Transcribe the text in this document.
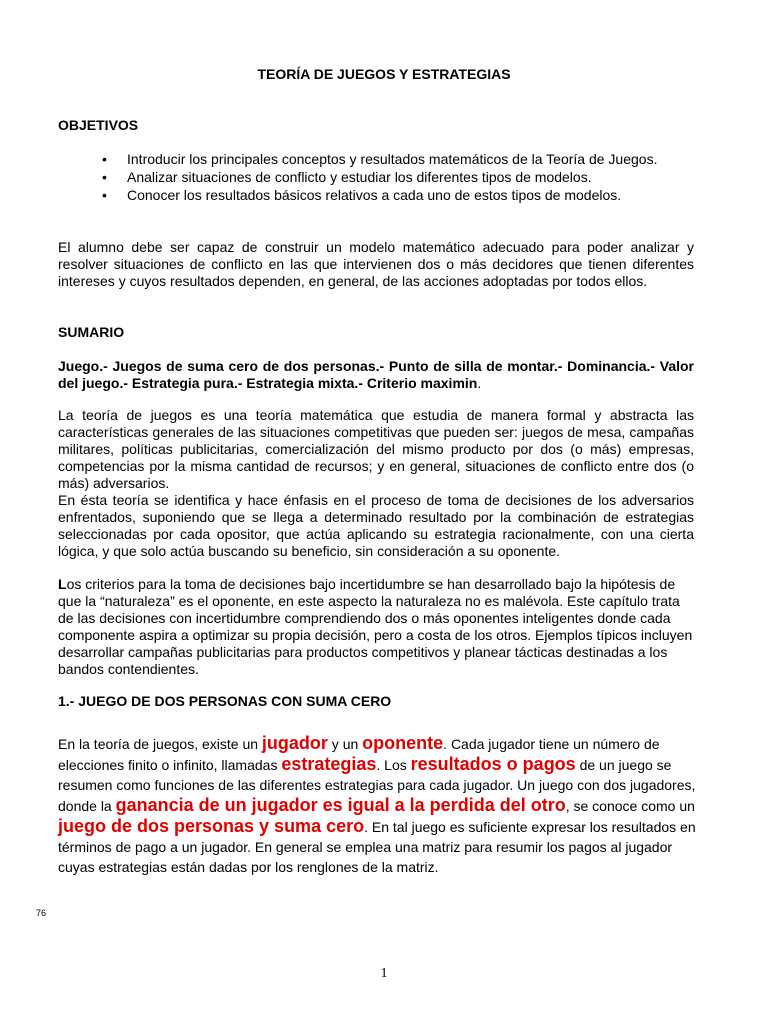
TEORÍA DE JUEGOS Y ESTRATEGIAS
OBJETIVOS
•	Introducir los principales conceptos y resultados matemáticos de la Teoría de Juegos.
•	Analizar situaciones de conflicto y estudiar los diferentes tipos de modelos.
•	Conocer los resultados básicos relativos a cada uno de estos tipos de modelos.

El alumno debe ser capaz de construir un modelo matemático adecuado para poder analizar y resolver situaciones de conflicto en las que intervienen dos o más decidores que tienen diferentes intereses y cuyos resultados dependen, en general, de las acciones adoptadas por todos ellos.

SUMARIO

Juego.- Juegos de suma cero de dos personas.- Punto de silla de montar.- Dominancia.- Valor del juego.- Estrategia pura.- Estrategia mixta.- Criterio maximin.

La teoría de juegos es una teoría matemática que estudia de manera formal y abstracta las características generales de las situaciones competitivas que pueden ser: juegos de mesa, campañas militares, políticas publicitarias, comercialización del mismo producto por dos (o más) empresas, competencias por la misma cantidad de recursos; y en general, situaciones de conflicto entre dos (o más) adversarios.

En ésta teoría se identifica y hace énfasis en el proceso de toma de decisiones de los adversarios enfrentados, suponiendo que se llega a determinado resultado por la combinación de estrategias seleccionadas por cada opositor, que actúa aplicando su estrategia racionalmente, con una cierta lógica, y que solo actúa buscando su beneficio, sin consideración a su oponente.

Los criterios para la toma de decisiones bajo incertidumbre se han desarrollado bajo la hipótesis de que la “naturaleza” es el oponente, en este aspecto la naturaleza no es malévola. Este capítulo trata de las decisiones con incertidumbre comprendiendo dos o más oponentes inteligentes donde cada componente aspira a optimizar su propia decisión, pero a costa de los otros. Ejemplos típicos incluyen desarrollar campañas publicitarias para productos competitivos y planear tácticas destinadas a los bandos contendientes.

1.- JUEGO DE DOS PERSONAS CON SUMA CERO

En la teoría de juegos, existe un jugador y un oponente. Cada jugador tiene un número de elecciones finito o infinito, llamadas estrategias. Los resultados o pagos de un juego se resumen como funciones de las diferentes estrategias para cada jugador. Un juego con dos jugadores, donde la ganancia de un jugador es igual a la perdida del otro, se conoce como un juego de dos personas y suma cero. En tal juego es suficiente expresar los resultados en términos de pago a un jugador. En general se emplea una matriz para resumir los pagos al jugador cuyas estrategias están dadas por los renglones de la matriz.

76
1
